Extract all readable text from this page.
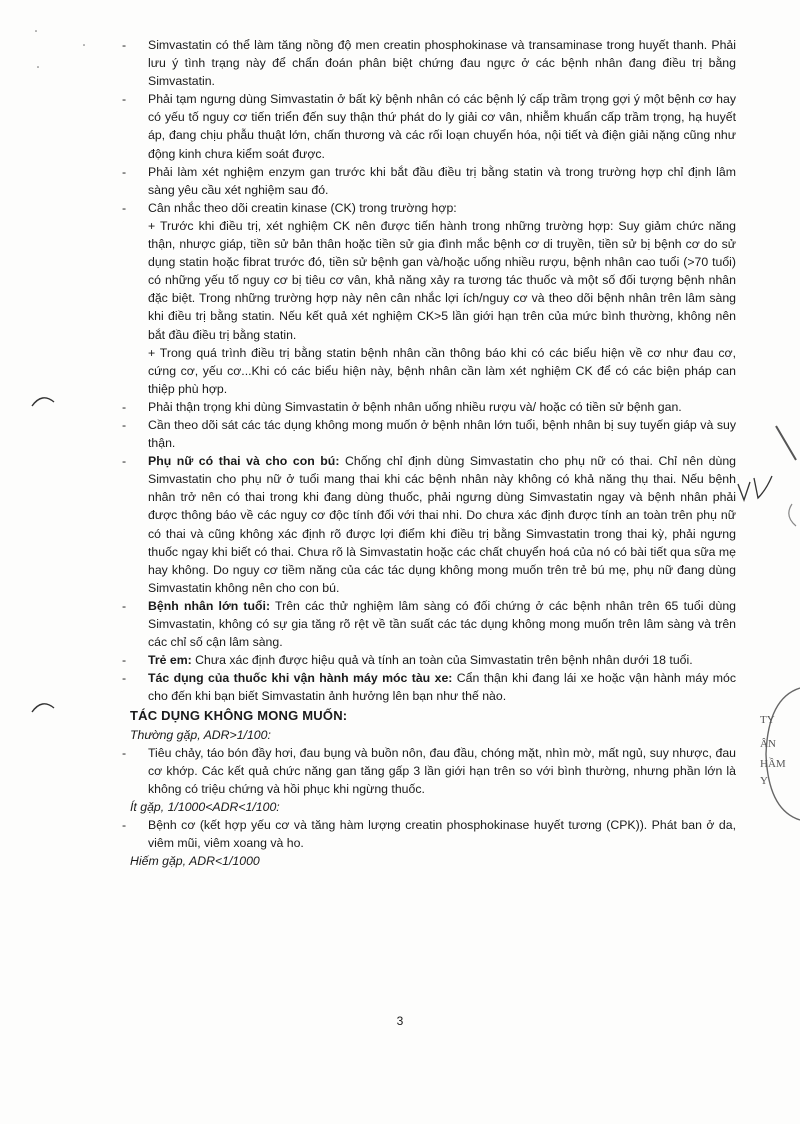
TY
ÂN
HẦM
Y

- Simvastatin có thể làm tăng nồng độ men creatin phosphokinase và transaminase trong huyết thanh. Phải lưu ý tình trạng này để chẩn đoán phân biệt chứng đau ngực ở các bệnh nhân đang điều trị bằng Simvastatin.

- Phải tạm ngưng dùng Simvastatin ở bất kỳ bệnh nhân có các bệnh lý cấp trầm trọng gợi ý một bệnh cơ hay có yếu tố nguy cơ tiến triển đến suy thận thứ phát do ly giải cơ vân, nhiễm khuẩn cấp trầm trọng, hạ huyết áp, đang chịu phẫu thuật lớn, chấn thương và các rối loạn chuyển hóa, nội tiết và điện giải nặng cũng như động kinh chưa kiểm soát được.

- Phải làm xét nghiệm enzym gan trước khi bắt đầu điều trị bằng statin và trong trường hợp chỉ định lâm sàng yêu cầu xét nghiệm sau đó.

- Cân nhắc theo dõi creatin kinase (CK) trong trường hợp:

+ Trước khi điều trị, xét nghiệm CK nên được tiến hành trong những trường hợp: Suy giảm chức năng thận, nhược giáp, tiền sử bản thân hoặc tiền sử gia đình mắc bệnh cơ di truyền, tiền sử bị bệnh cơ do sử dụng statin hoặc fibrat trước đó, tiền sử bệnh gan và/hoặc uống nhiều rượu, bệnh nhân cao tuổi (>70 tuổi) có những yếu tố nguy cơ bị tiêu cơ vân, khả năng xảy ra tương tác thuốc và một số đối tượng bệnh nhân đặc biệt. Trong những trường hợp này nên cân nhắc lợi ích/nguy cơ và theo dõi bệnh nhân trên lâm sàng khi điều trị bằng statin. Nếu kết quả xét nghiệm CK>5 lần giới hạn trên của mức bình thường, không nên bắt đầu điều trị bằng statin.

+ Trong quá trình điều trị bằng statin bệnh nhân cần thông báo khi có các biểu hiện về cơ như đau cơ, cứng cơ, yếu cơ...Khi có các biểu hiện này, bệnh nhân cần làm xét nghiệm CK để có các biện pháp can thiệp phù hợp.

- Phải thận trọng khi dùng Simvastatin ở bệnh nhân uống nhiều rượu và/ hoặc có tiền sử bệnh gan.

- Cần theo dõi sát các tác dụng không mong muốn ở bệnh nhân lớn tuổi, bệnh nhân bị suy tuyến giáp và suy thận.

- Phụ nữ có thai và cho con bú: Chống chỉ định dùng Simvastatin cho phụ nữ có thai. Chỉ nên dùng Simvastatin cho phụ nữ ở tuổi mang thai khi các bệnh nhân này không có khả năng thụ thai. Nếu bệnh nhân trở nên có thai trong khi đang dùng thuốc, phải ngưng dùng Simvastatin ngay và bệnh nhân phải được thông báo về các nguy cơ độc tính đối với thai nhi. Do chưa xác định được tính an toàn trên phụ nữ có thai và cũng không xác định rõ được lợi điểm khi điều trị bằng Simvastatin trong thai kỳ, phải ngưng thuốc ngay khi biết có thai. Chưa rõ là Simvastatin hoặc các chất chuyển hoá của nó có bài tiết qua sữa mẹ hay không. Do nguy cơ tiềm năng của các tác dụng không mong muốn trên trẻ bú mẹ, phụ nữ đang dùng Simvastatin không nên cho con bú.

- Bệnh nhân lớn tuổi: Trên các thử nghiệm lâm sàng có đối chứng ở các bệnh nhân trên 65 tuổi dùng Simvastatin, không có sự gia tăng rõ rệt về tần suất các tác dụng không mong muốn trên lâm sàng và trên các chỉ số cận lâm sàng.

- Trẻ em: Chưa xác định được hiệu quả và tính an toàn của Simvastatin trên bệnh nhân dưới 18 tuổi.

- Tác dụng của thuốc khi vận hành máy móc tàu xe: Cẩn thận khi đang lái xe hoặc vận hành máy móc cho đến khi bạn biết Simvastatin ảnh hưởng lên bạn như thế nào.

TÁC DỤNG KHÔNG MONG MUỐN:

Thường gặp, ADR>1/100:

- Tiêu chảy, táo bón đầy hơi, đau bụng và buồn nôn, đau đầu, chóng mặt, nhìn mờ, mất ngủ, suy nhược, đau cơ khớp. Các kết quả chức năng gan tăng gấp 3 lần giới hạn trên so với bình thường, nhưng phần lớn là không có triệu chứng và hồi phục khi ngừng thuốc.

Ít gặp, 1/1000<ADR<1/100:

- Bệnh cơ (kết hợp yếu cơ và tăng hàm lượng creatin phosphokinase huyết tương (CPK)). Phát ban ở da, viêm mũi, viêm xoang và ho.

Hiếm gặp, ADR<1/1000

3
